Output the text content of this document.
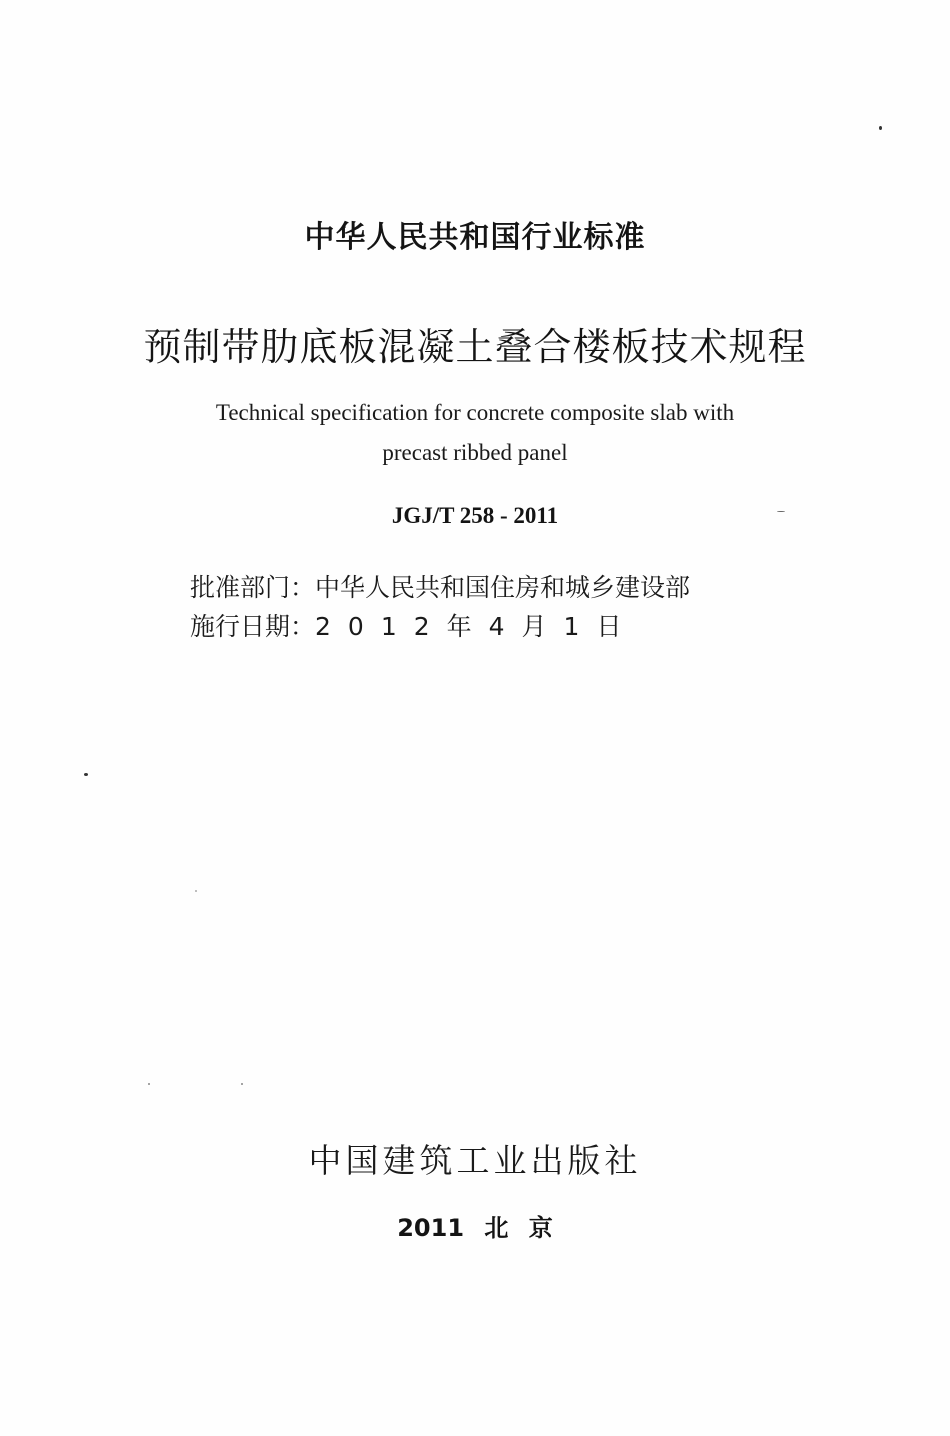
中华人民共和国行业标准
预制带肋底板混凝土叠合楼板技术规程
Technical specification for concrete composite slab with
precast ribbed panel
JGJ/T 258 - 2011
批准部门：中华人民共和国住房和城乡建设部
施行日期：2012年4月1日
中国建筑工业出版社
2011 北 京
